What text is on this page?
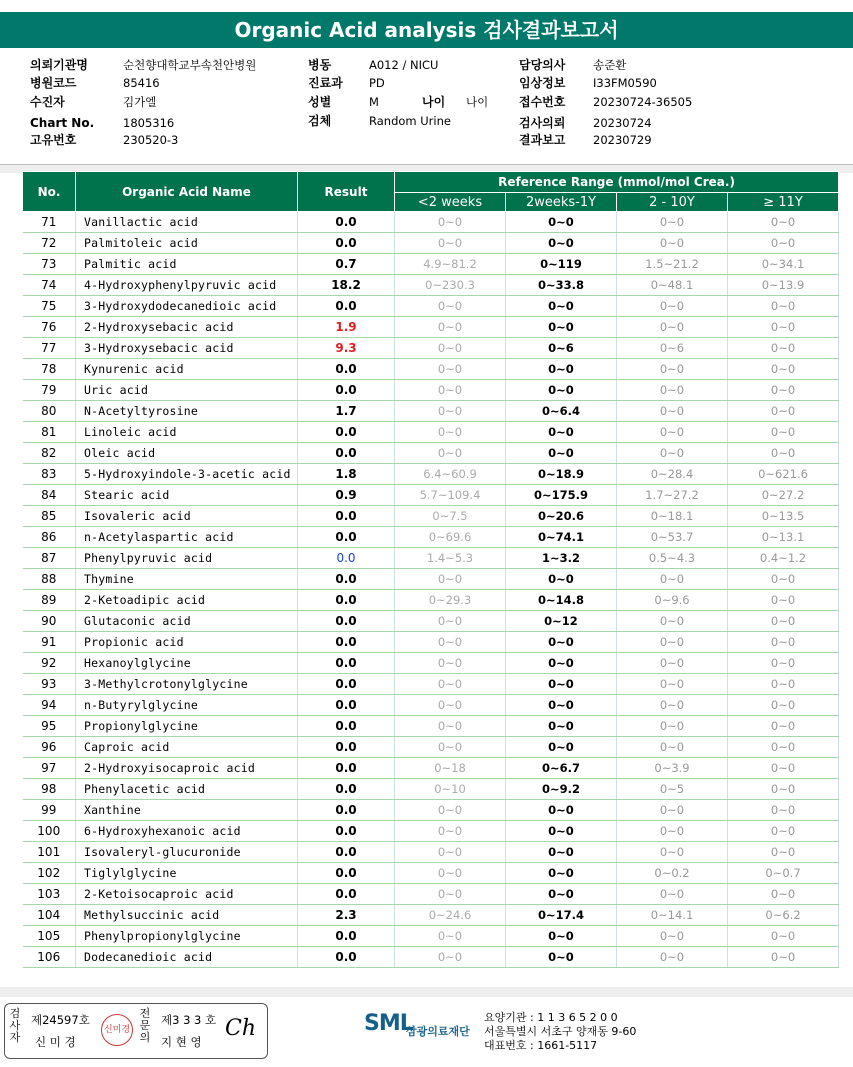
Organic Acid analysis 검사결과보고서
의뢰기관명	순천향대학교부속천안병원
병원코드	85416
수진자	김가엘
Chart No.	1805316
고유번호	230520-3
병동	A012 / NICU
진료과 PD
성별	M
검체	Random Urine
나이 나이
담당의사 송준환
임상정보 I33FM0590
접수번호 20230724-36505
검사의뢰 20230724
결과보고 20230729
No.	Organic Acid Name	Result	Reference Range (mmol/mol Crea.)			
			<2 weeks	2weeks-1Y	2 - 10Y	≥ 11Y
71	Vanillactic acid	0.0	0~0	0~0	0~0	0~0
72	Palmitoleic acid	0.0	0~0	0~0	0~0	0~0
73	Palmitic acid	0.7	4.9~81.2	0~119	1.5~21.2	0~34.1
74	4-Hydroxyphenylpyruvic acid	18.2	0~230.3	0~33.8	0~48.1	0~13.9
75	3-Hydroxydodecanedioic acid	0.0	0~0	0~0	0~0	0~0
76	2-Hydroxysebacic acid	1.9	0~0	0~0	0~0	0~0
77	3-Hydroxysebacic acid	9.3	0~0	0~6	0~6	0~0
78	Kynurenic acid	0.0	0~0	0~0	0~0	0~0
79	Uric acid	0.0	0~0	0~0	0~0	0~0
80	N-Acetyltyrosine	1.7	0~0	0~6.4	0~0	0~0
81	Linoleic acid	0.0	0~0	0~0	0~0	0~0
82	Oleic acid	0.0	0~0	0~0	0~0	0~0
83	5-Hydroxyindole-3-acetic acid	1.8	6.4~60.9	0~18.9	0~28.4	0~621.6
84	Stearic acid	0.9	5.7~109.4	0~175.9	1.7~27.2	0~27.2
85	Isovaleric acid	0.0	0~7.5	0~20.6	0~18.1	0~13.5
86	n-Acetylaspartic acid	0.0	0~69.6	0~74.1	0~53.7	0~13.1
87	Phenylpyruvic acid	0.0	1.4~5.3	1~3.2	0.5~4.3	0.4~1.2
88	Thymine	0.0	0~0	0~0	0~0	0~0
89	2-Ketoadipic acid	0.0	0~29.3	0~14.8	0~9.6	0~0
90	Glutaconic acid	0.0	0~0	0~12	0~0	0~0
91	Propionic acid	0.0	0~0	0~0	0~0	0~0
92	Hexanoylglycine	0.0	0~0	0~0	0~0	0~0
93	3-Methylcrotonylglycine	0.0	0~0	0~0	0~0	0~0
94	n-Butyrylglycine	0.0	0~0	0~0	0~0	0~0
95	Propionylglycine	0.0	0~0	0~0	0~0	0~0
96	Caproic acid	0.0	0~0	0~0	0~0	0~0
97	2-Hydroxyisocaproic acid	0.0	0~18	0~6.7	0~3.9	0~0
98	Phenylacetic acid	0.0	0~10	0~9.2	0~5	0~0
99	Xanthine	0.0	0~0	0~0	0~0	0~0
100	6-Hydroxyhexanoic acid	0.0	0~0	0~0	0~0	0~0
101	Isovaleryl-glucuronide	0.0	0~0	0~0	0~0	0~0
102	Tiglylglycine	0.0	0~0	0~0	0~0.2	0~0.7
103	2-Ketoisocaproic acid	0.0	0~0	0~0	0~0	0~0
104	Methylsuccinic acid	2.3	0~24.6	0~17.4	0~14.1	0~6.2
105	Phenylpropionylglycine	0.0	0~0	0~0	0~0	0~0
106	Dodecanedioic acid	0.0	0~0	0~0	0~0	0~0
검사자
제24597호
신 미 경
신미경
전문의
제3 3 3 호
지 현 영
Ch	SML
삼광의료재단
요양기관 : 1 1 3 6 5 2 0 0
서울특별시 서초구 양재동 9-60
대표번호 : 1661-5117
